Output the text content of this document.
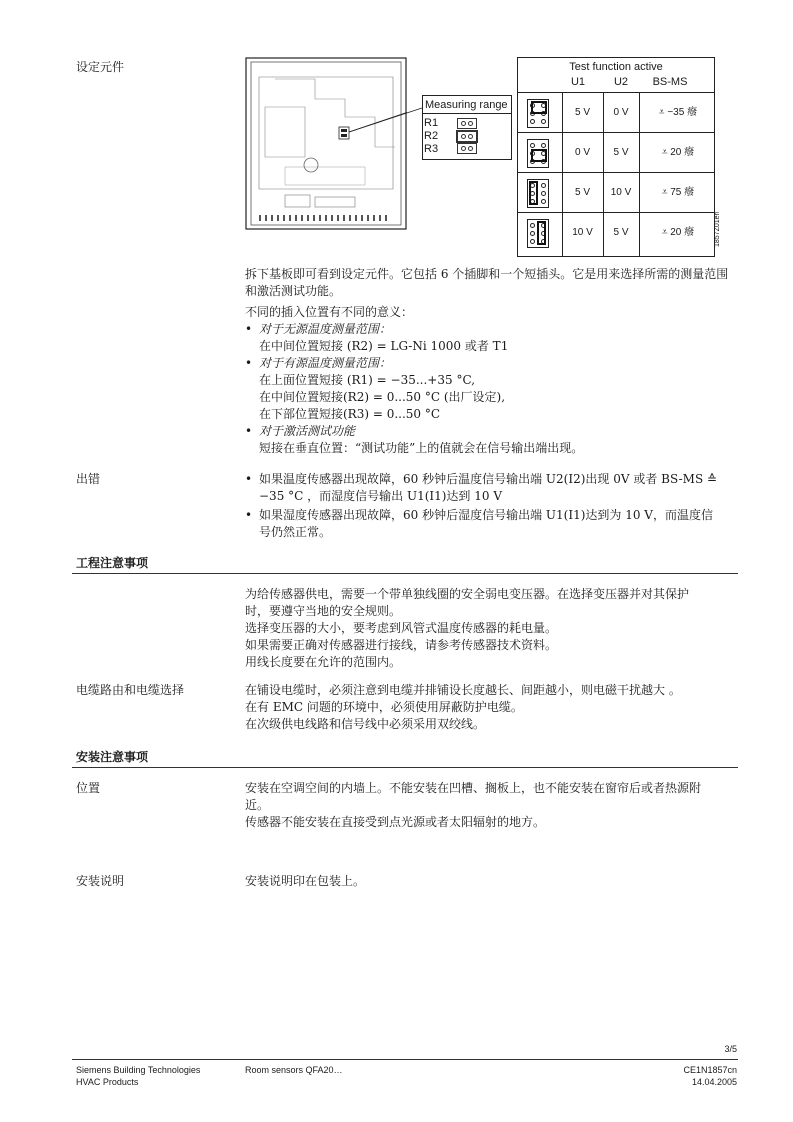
设定元件
Measuring range
R1
R2
R3
Test function active
U1	U2	BS-MS
5 V	0 V	⩡ −35 癈
0 V	5 V	⩡ 20 癈
5 V	10 V	⩡ 75 癈
10 V	5 V	⩡ 20 癈	1857Z01en

拆下基板即可看到设定元件。它包括 6 个插脚和一个短插头。它是用来选择所需的测量范围和激活测试功能。

不同的插入位置有不同的意义：

• 对于无源温度测量范围：

在中间位置短接 (R2) = LG-Ni 1000 或者 T1

• 对于有源温度测量范围：

在上面位置短接 (R1) = −35...+35 °C,

在中间位置短接(R2) = 0...50 °C (出厂设定),

在下部位置短接(R3) = 0...50 °C

• 对于激活测试功能

短接在垂直位置：“测试功能”上的值就会在信号输出端出现。

出错
•	如果温度传感器出现故障，60 秒钟后温度信号输出端 U2(I2)出现 0V 或者 BS-MS ≙

−35 °C ，而湿度信号输出 U1(I1)达到 10 V

• 如果湿度传感器出现故障，60 秒钟后湿度信号输出端 U1(I1)达到为 10 V，而温度信

号仍然正常。

工程注意事项

为给传感器供电，需要一个带单独线圈的安全弱电变压器。在选择变压器并对其保护

时，要遵守当地的安全规则。

选择变压器的大小，要考虑到风管式温度传感器的耗电量。

如果需要正确对传感器进行接线，请参考传感器技术资料。

用线长度要在允许的范围内。

电缆路由和电缆选择	在铺设电缆时，必须注意到电缆并排铺设长度越长、间距越小，则电磁干扰越大 。

在有 EMC 问题的环境中，必须使用屏蔽防护电缆。

在次级供电线路和信号线中必须采用双绞线。

安装注意事项
位置	安装在空调空间的内墙上。不能安装在凹槽、搁板上，也不能安装在窗帘后或者热源附

近。

传感器不能安装在直接受到点光源或者太阳辐射的地方。

安装说明	安装说明印在包装上。
3/5
Siemens Building Technologies
HVAC Products
Room sensors QFA20…	CE1N1857cn
14.04.2005
